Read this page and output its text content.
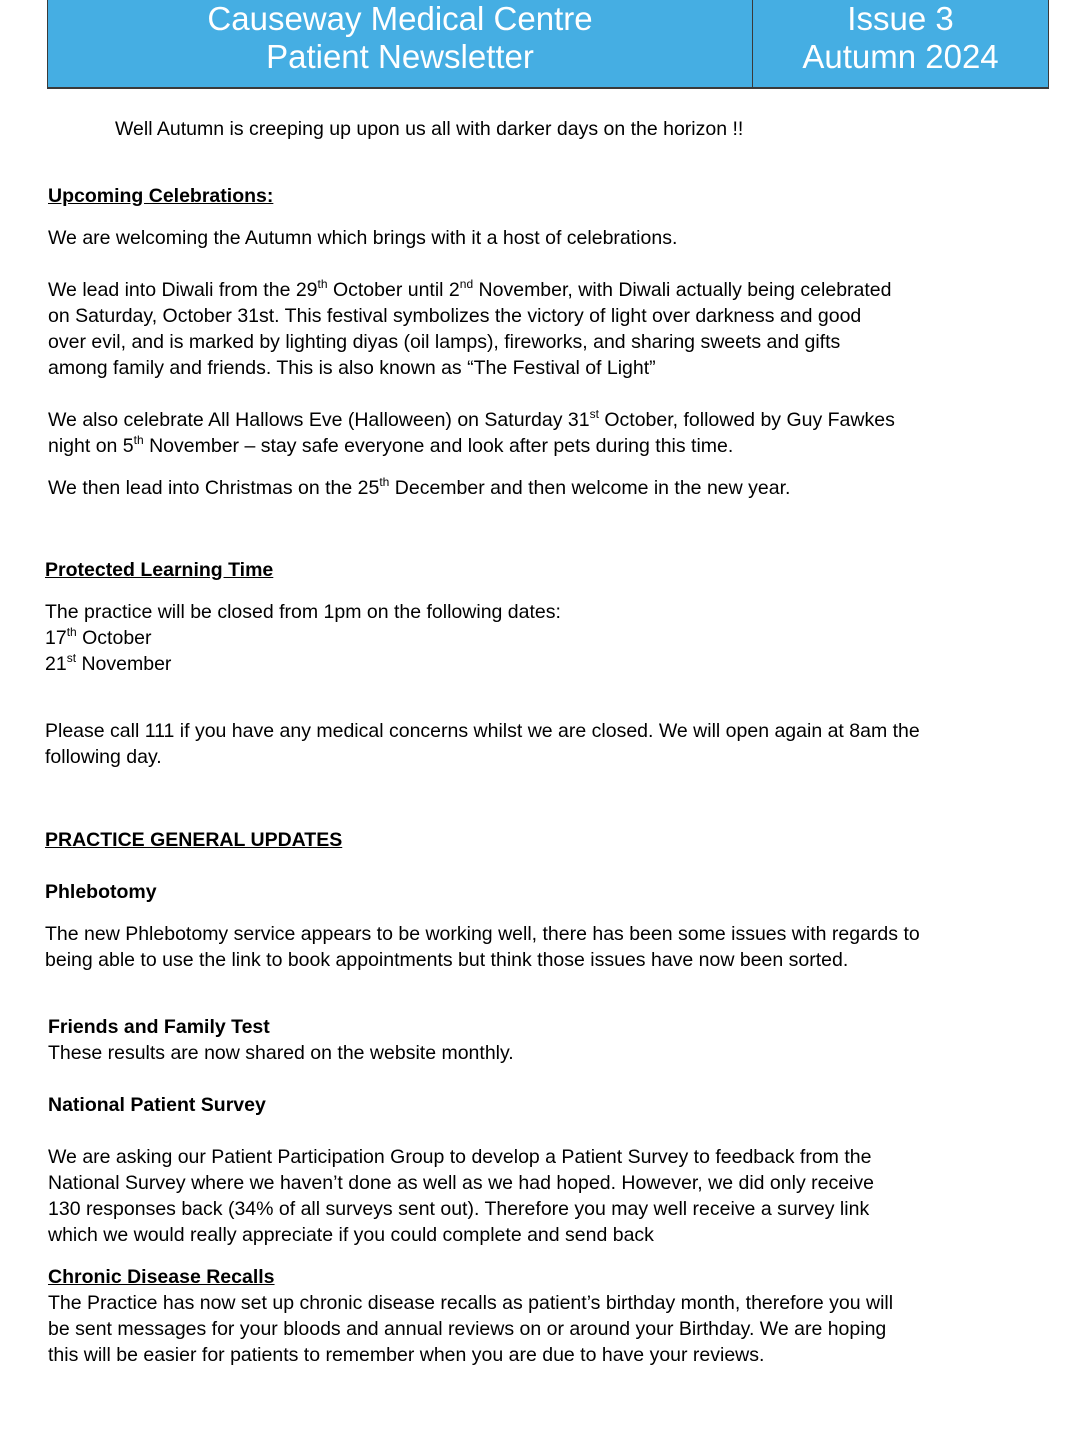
Causeway Medical Centre
Patient Newsletter
Issue 3
Autumn 2024
Well Autumn is creeping up upon us all with darker days on the horizon !!
Upcoming Celebrations:
We are welcoming the Autumn which brings with it a host of celebrations.
We lead into Diwali from the 29th October until 2nd November, with Diwali actually being celebrated
on Saturday, October 31st. This festival symbolizes the victory of light over darkness and good
over evil, and is marked by lighting diyas (oil lamps), fireworks, and sharing sweets and gifts
among family and friends. This is also known as “The Festival of Light”
We also celebrate All Hallows Eve (Halloween) on Saturday 31st October, followed by Guy Fawkes
night on 5th November – stay safe everyone and look after pets during this time.
We then lead into Christmas on the 25th December and then welcome in the new year.
Protected Learning Time
The practice will be closed from 1pm on the following dates:
17th October
21st November
Please call 111 if you have any medical concerns whilst we are closed. We will open again at 8am the
following day.
PRACTICE GENERAL UPDATES
Phlebotomy
The new Phlebotomy service appears to be working well, there has been some issues with regards to
being able to use the link to book appointments but think those issues have now been sorted.
Friends and Family Test
These results are now shared on the website monthly.
National Patient Survey
We are asking our Patient Participation Group to develop a Patient Survey to feedback from the
National Survey where we haven’t done as well as we had hoped. However, we did only receive
130 responses back (34% of all surveys sent out). Therefore you may well receive a survey link
which we would really appreciate if you could complete and send back
Chronic Disease Recalls
The Practice has now set up chronic disease recalls as patient’s birthday month, therefore you will
be sent messages for your bloods and annual reviews on or around your Birthday. We are hoping
this will be easier for patients to remember when you are due to have your reviews.
